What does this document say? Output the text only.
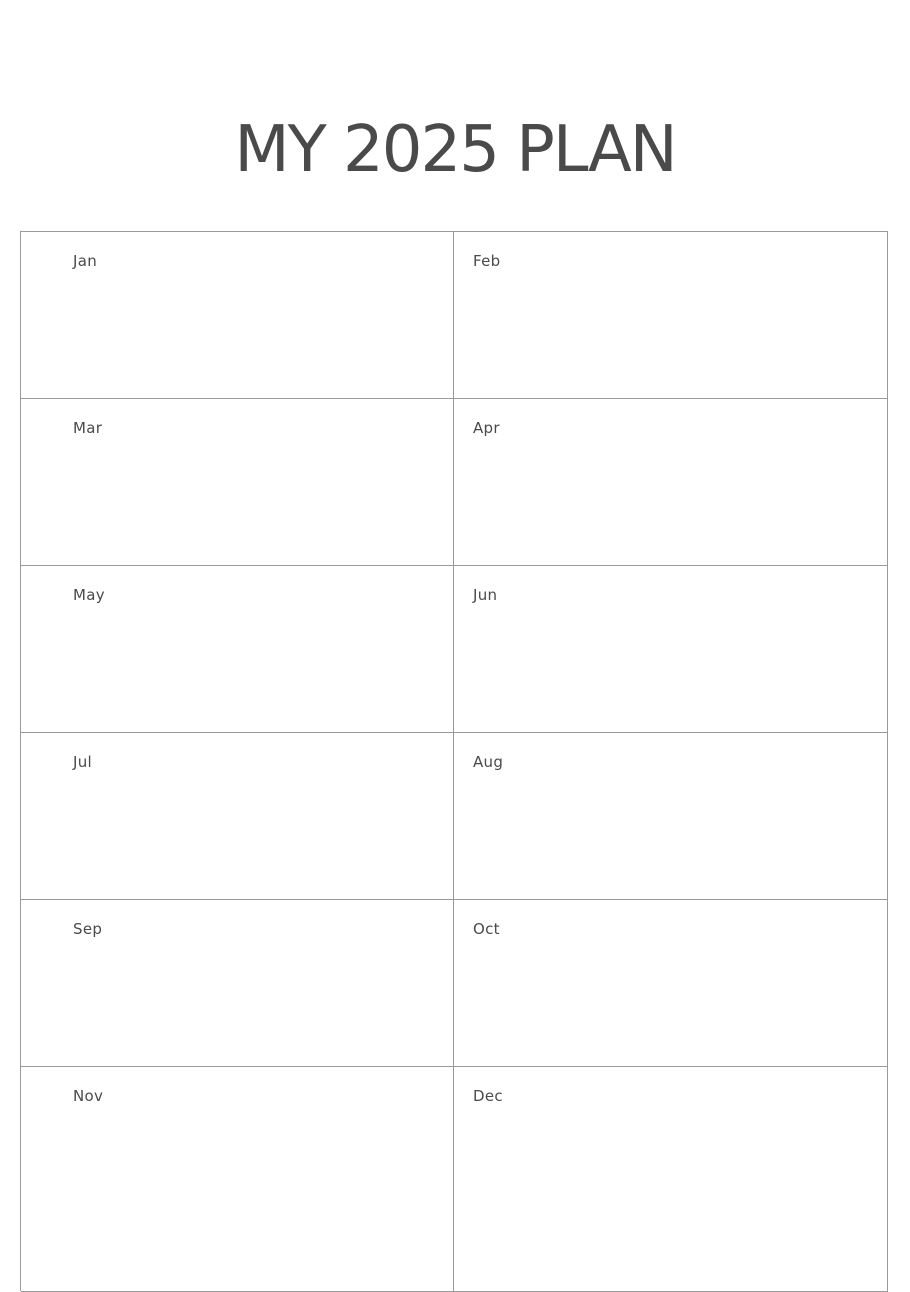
MY 2025 PLAN
Jan	Feb
Mar	Apr
May	Jun
Jul	Aug
Sep	Oct
Nov	Dec
